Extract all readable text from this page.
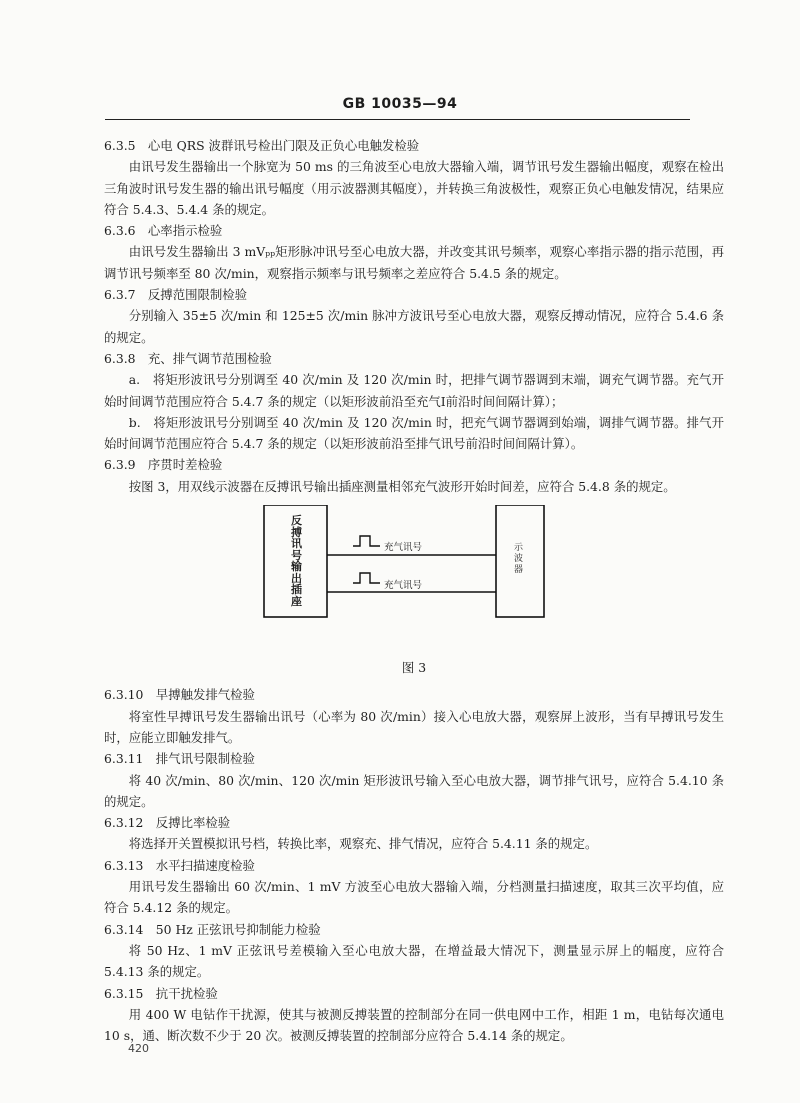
GB 10035—94
6.3.5　心电 QRS 波群讯号检出门限及正负心电触发检验
由讯号发生器输出一个脉宽为 50 ms 的三角波至心电放大器输入端，调节讯号发生器输出幅度，观察在检出三角波时讯号发生器的输出讯号幅度（用示波器测其幅度），并转换三角波极性，观察正负心电触发情况，结果应符合 5.4.3、5.4.4 条的规定。
6.3.6　心率指示检验
由讯号发生器输出 3 mVₚₚ矩形脉冲讯号至心电放大器，并改变其讯号频率，观察心率指示器的指示范围，再调节讯号频率至 80 次/min，观察指示频率与讯号频率之差应符合 5.4.5 条的规定。
6.3.7　反搏范围限制检验
分别输入 35±5 次/min 和 125±5 次/min 脉冲方波讯号至心电放大器，观察反搏动情况，应符合 5.4.6 条的规定。
6.3.8　充、排气调节范围检验
a.　将矩形波讯号分别调至 40 次/min 及 120 次/min 时，把排气调节器调到末端，调充气调节器。充气开始时间调节范围应符合 5.4.7 条的规定（以矩形波前沿至充气Ⅰ前沿时间间隔计算）；
b.　将矩形波讯号分别调至 40 次/min 及 120 次/min 时，把充气调节器调到始端，调排气调节器。排气开始时间调节范围应符合 5.4.7 条的规定（以矩形波前沿至排气讯号前沿时间间隔计算）。
6.3.9　序贯时差检验
按图 3，用双线示波器在反搏讯号输出插座测量相邻充气波形开始时间差，应符合 5.4.8 条的规定。
反搏讯号输出插座
示波器
充气讯号
充气讯号
图 3
6.3.10　早搏触发排气检验
将室性早搏讯号发生器输出讯号（心率为 80 次/min）接入心电放大器，观察屏上波形，当有早搏讯号发生时，应能立即触发排气。
6.3.11　排气讯号限制检验
将 40 次/min、80 次/min、120 次/min 矩形波讯号输入至心电放大器，调节排气讯号，应符合 5.4.10 条的规定。
6.3.12　反搏比率检验
将选择开关置模拟讯号档，转换比率，观察充、排气情况，应符合 5.4.11 条的规定。
6.3.13　水平扫描速度检验
用讯号发生器输出 60 次/min、1 mV 方波至心电放大器输入端，分档测量扫描速度，取其三次平均值，应符合 5.4.12 条的规定。
6.3.14　50 Hz 正弦讯号抑制能力检验
将 50 Hz、1 mV 正弦讯号差模输入至心电放大器，在增益最大情况下，测量显示屏上的幅度，应符合 5.4.13 条的规定。
6.3.15　抗干扰检验
用 400 W 电钻作干扰源，使其与被测反搏装置的控制部分在同一供电网中工作，相距 1 m，电钻每次通电 10 s，通、断次数不少于 20 次。被测反搏装置的控制部分应符合 5.4.14 条的规定。
420
